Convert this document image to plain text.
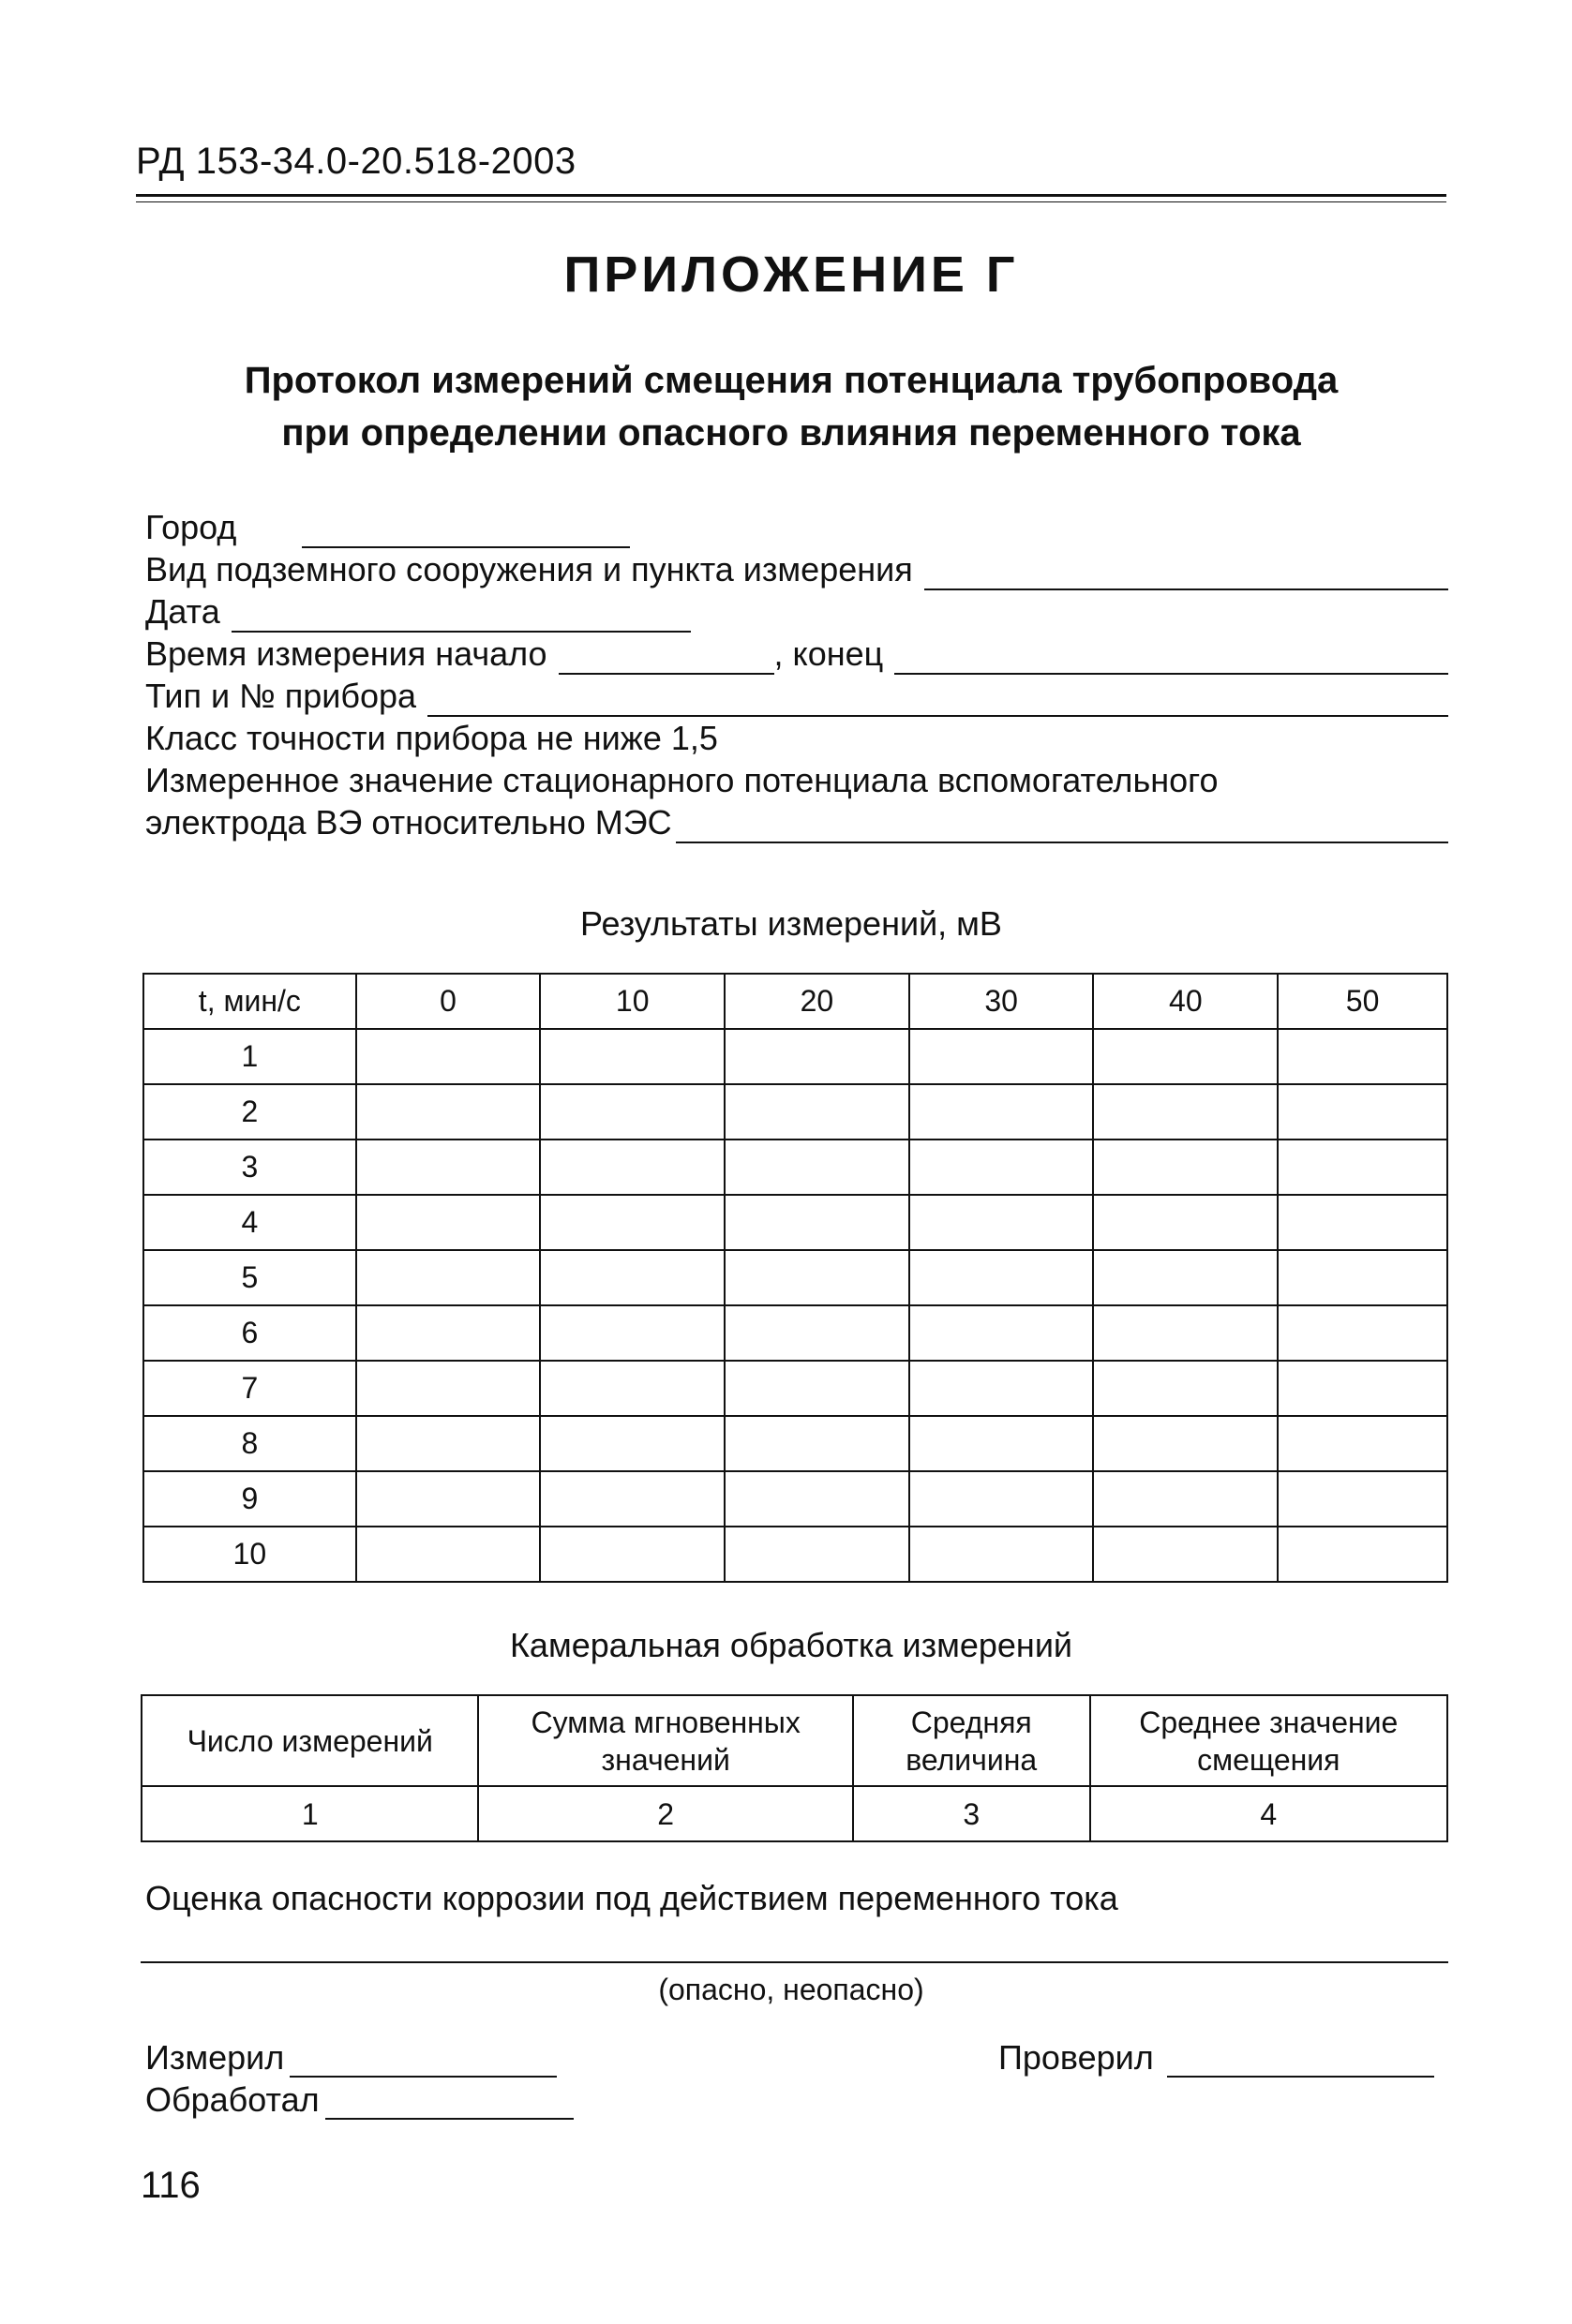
РД 153-34.0-20.518-2003
ПРИЛОЖЕНИЕ Г
Протокол измерений смещения потенциала трубопровода
при определении опасного влияния переменного тока
Город
Вид подземного сооружения и пункта измерения
Дата
Время измерения начало	, конец
Тип и № прибора
Класс точности прибора не ниже 1,5
Измеренное значение стационарного потенциала вспомогательного
электрода ВЭ относительно МЭС
Результаты измерений, мВ
t, мин/с	0	10	20	30	40	50
1						
2						
3						
4						
5						
6						
7						
8						
9						
10						
Камеральная обработка измерений
Число измерений	Сумма мгновенных значений	Средняя величина	Среднее значение смещения
1	2	3	4
Оценка опасности коррозии под действием переменного тока
(опасно, неопасно)
Измерил
Обработал
Проверил
116
